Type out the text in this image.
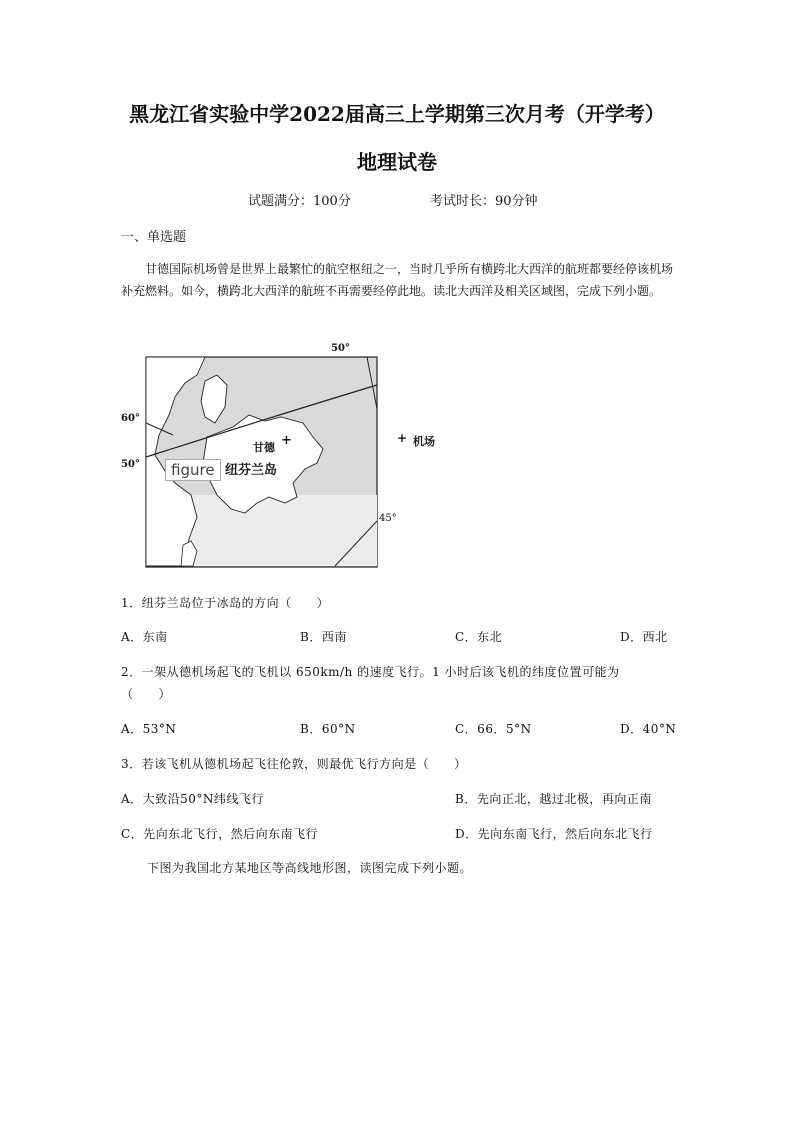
黑龙江省实验中学2022届高三上学期第三次月考（开学考）
地理试卷
试题满分：100分	考试时长：90分钟
一、单选题
甘德国际机场曾是世界上最繁忙的航空枢纽之一，当时几乎所有横跨北大西洋的航班都要经停该机场补充燃料。如今，横跨北大西洋的航班不再需要经停此地。读北大西洋及相关区域图，完成下列小题。
50°
60°
50°
45°
甘德 +
纽芬兰岛
figure
+ 机场
1．纽芬兰岛位于冰岛的方向（　　）
A．东南	B．西南	C．东北	D．西北
2．一架从德机场起飞的飞机以 650km/h 的速度飞行。1 小时后该飞机的纬度位置可能为
（　　）
A．53°N	B．60°N	C．66．5°N	D．40°N
3．若该飞机从德机场起飞往伦敦，则最优飞行方向是（　　）
A．大致沿50°N纬线飞行	B．先向正北，越过北极，再向正南
C．先向东北飞行，然后向东南飞行	D．先向东南飞行，然后向东北飞行
下图为我国北方某地区等高线地形图，读图完成下列小题。
